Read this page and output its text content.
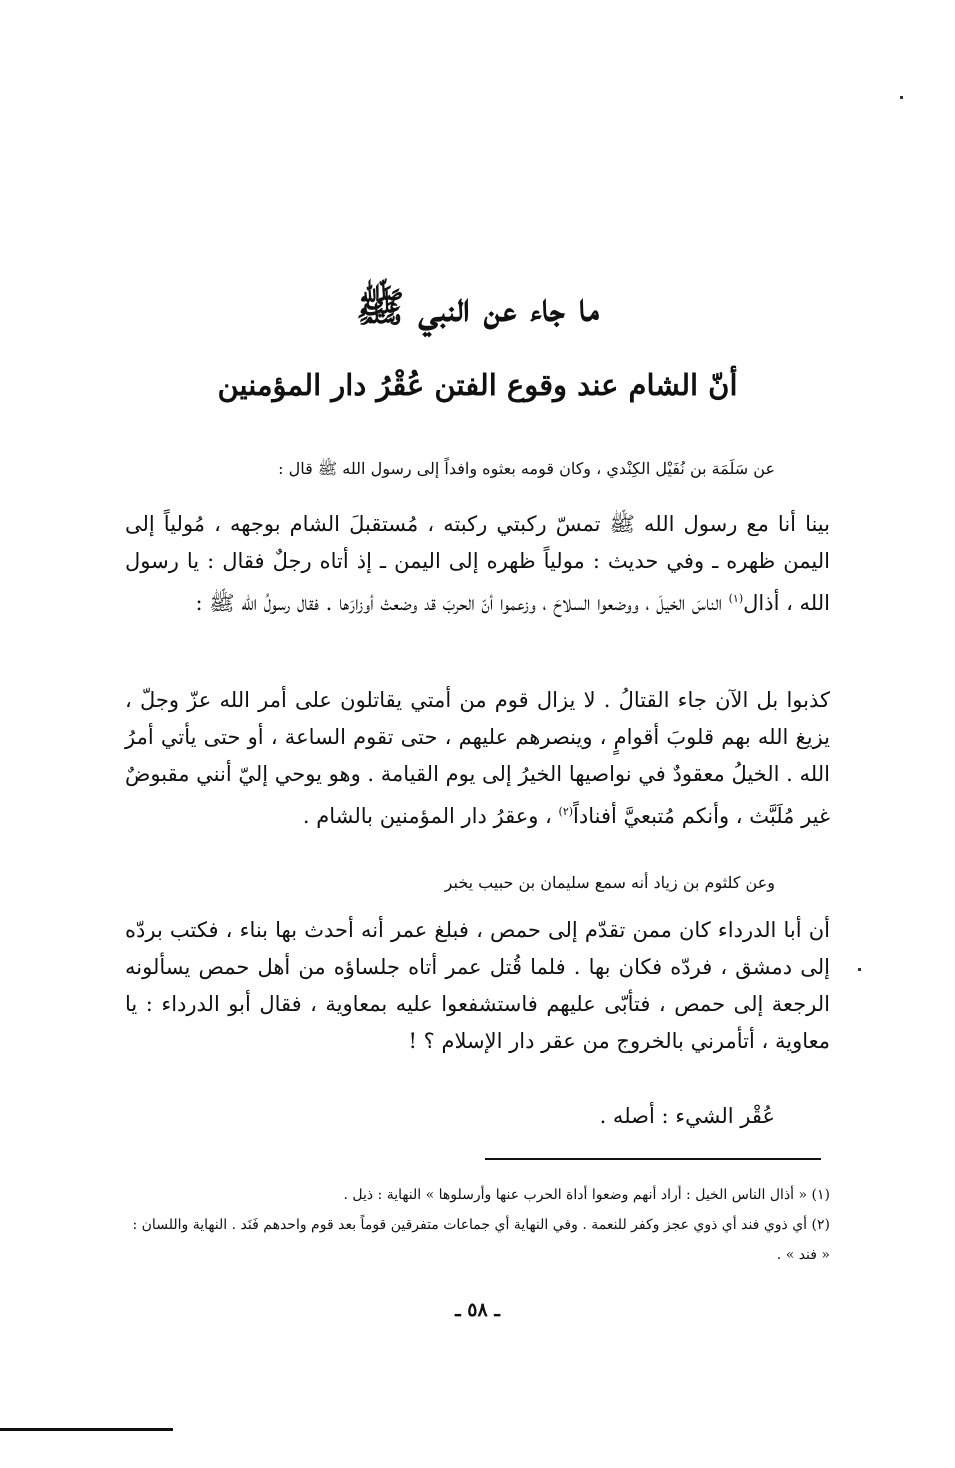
ما جاء عن النبي ﷺ
أنّ الشام عند وقوع الفتن عُقْرُ دار المؤمنين
عن سَلَمَة بن نُفَيْل الكِنْدي ، وكان قومه بعثوه وافداً إلى رسول الله ﷺ قال :
بينا أنا مع رسول الله ﷺ تمسّ ركبتي ركبته ، مُستقبلَ الشام بوجهه ، مُولياً إلى اليمن ظهره ـ وفي حديث : مولياً ظهره إلى اليمن ـ إذ أتاه رجلٌ فقال : يا رسول الله ، أذال$^{(١)}$ الناسَ الخيلَ ، ووضعوا السلاحَ ، وزعموا أنّ الحربَ قد وضعتْ أوزارَها . فقال رسولُ الله ﷺ :
كذبوا بل الآن جاء القتالُ . لا يزال قوم من أمتي يقاتلون على أمر الله عزّ وجلّ ، يزيغ الله بهم قلوبَ أقوامٍ ، وينصرهم عليهم ، حتى تقوم الساعة ، أو حتى يأتي أمرُ الله . الخيلُ معقودٌ في نواصيها الخيرُ إلى يوم القيامة . وهو يوحي إليّ أنني مقبوضٌ غير مُلَبَّث ، وأنكم مُتبعيَّ أفناداً$^{(٢)}$ ، وعقرُ دار المؤمنين بالشام .
وعن كلثوم بن زياد أنه سمع سليمان بن حبيب يخبر
أن أبا الدرداء كان ممن تقدّم إلى حمص ، فبلغ عمر أنه أحدث بها بناء ، فكتب بردّه إلى دمشق ، فردّه فكان بها . فلما قُتل عمر أتاه جلساؤه من أهل حمص يسألونه الرجعة إلى حمص ، فتأبّى عليهم فاستشفعوا عليه بمعاوية ، فقال أبو الدرداء : يا معاوية ، أتأمرني بالخروج من عقر دار الإسلام ؟ !
عُقْر الشيء : أصله .
(١) « أذال الناس الخيل : أراد أنهم وضعوا أداة الحرب عنها وأرسلوها » النهاية : ذيل .
(٢) أي ذوي فند أي ذوي عجز وكفر للنعمة . وفي النهاية أي جماعات متفرقين قوماً بعد قوم واحدهم فَنَد . النهاية واللسان : « فند » .
ـ ٥٨ ـ
